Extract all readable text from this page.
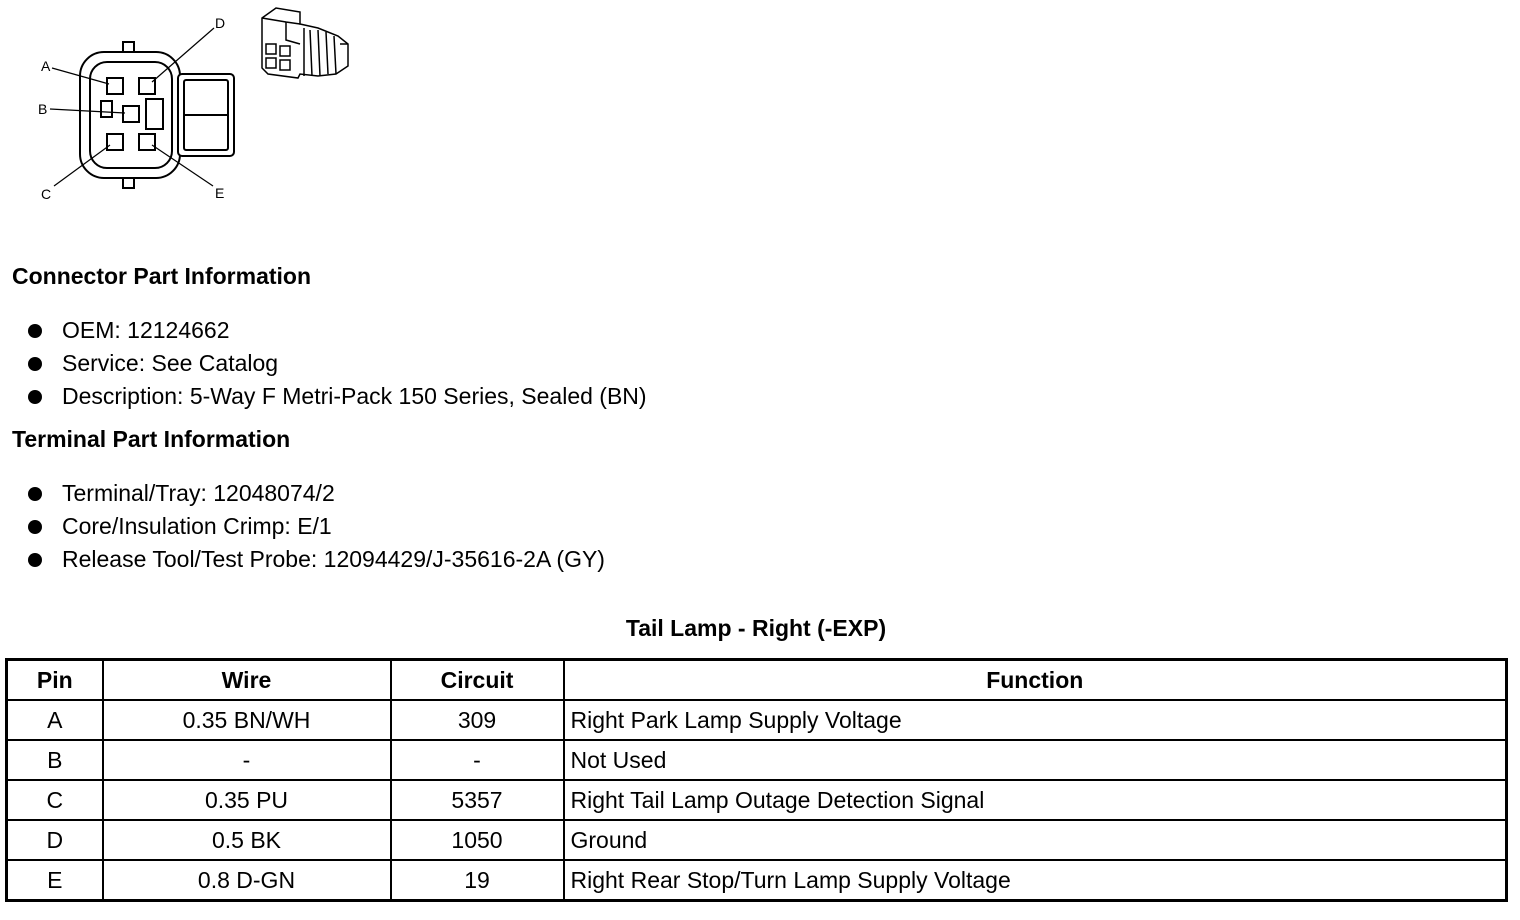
A
B
C
D
E
Connector Part Information
OEM: 12124662
Service: See Catalog
Description: 5-Way F Metri-Pack 150 Series, Sealed (BN)
Terminal Part Information
Terminal/Tray: 12048074/2
Core/Insulation Crimp: E/1
Release Tool/Test Probe: 12094429/J-35616-2A (GY)
Tail Lamp - Right (-EXP)
Pin	Wire	Circuit	Function
A	0.35 BN/WH	309	Right Park Lamp Supply Voltage
B	-	-	Not Used
C	0.35 PU	5357	Right Tail Lamp Outage Detection Signal
D	0.5 BK	1050	Ground
E	0.8 D-GN	19	Right Rear Stop/Turn Lamp Supply Voltage
